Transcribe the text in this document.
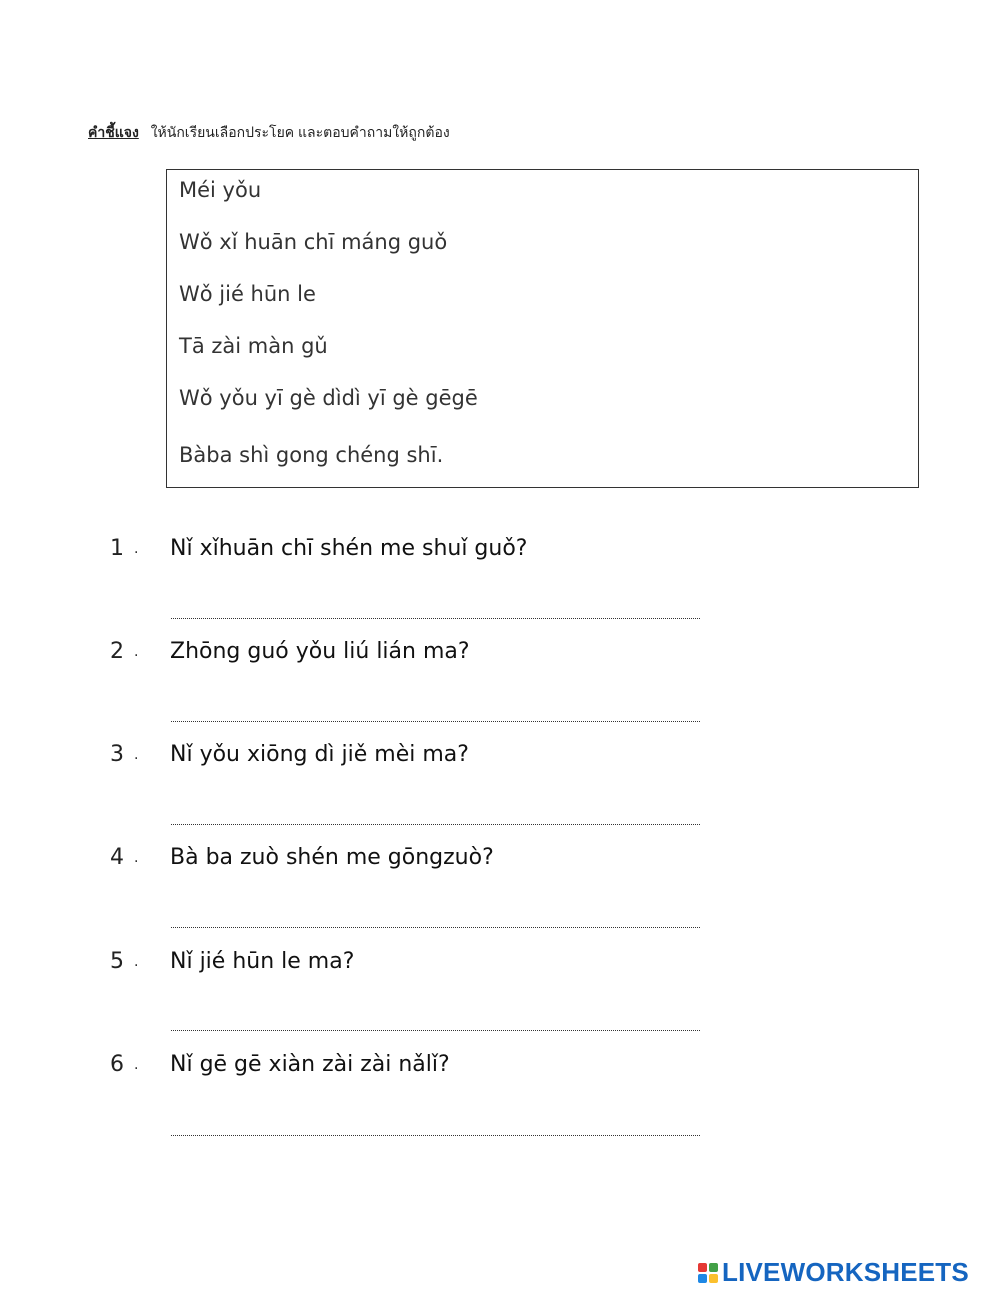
คำชี้แจง ให้นักเรียนเลือกประโยค และตอบคำถามให้ถูกต้อง
Méi yǒu
Wǒ xǐ huān chī máng guǒ
Wǒ jié hūn le
Tā zài màn gǔ
Wǒ yǒu yī gè dìdì yī gè gēgē
Bàba shì gong chéng shī.
1 . Nǐ xǐhuān chī shén me shuǐ guǒ?
2 . Zhōng guó yǒu liú lián ma?
3 . Nǐ yǒu xiōng dì jiě mèi ma?
4 . Bà ba zuò shén me gōngzuò?
5 . Nǐ jié hūn le ma?
6 . Nǐ gē gē xiàn zài zài nǎlǐ?
LIVEWORKSHEETS
